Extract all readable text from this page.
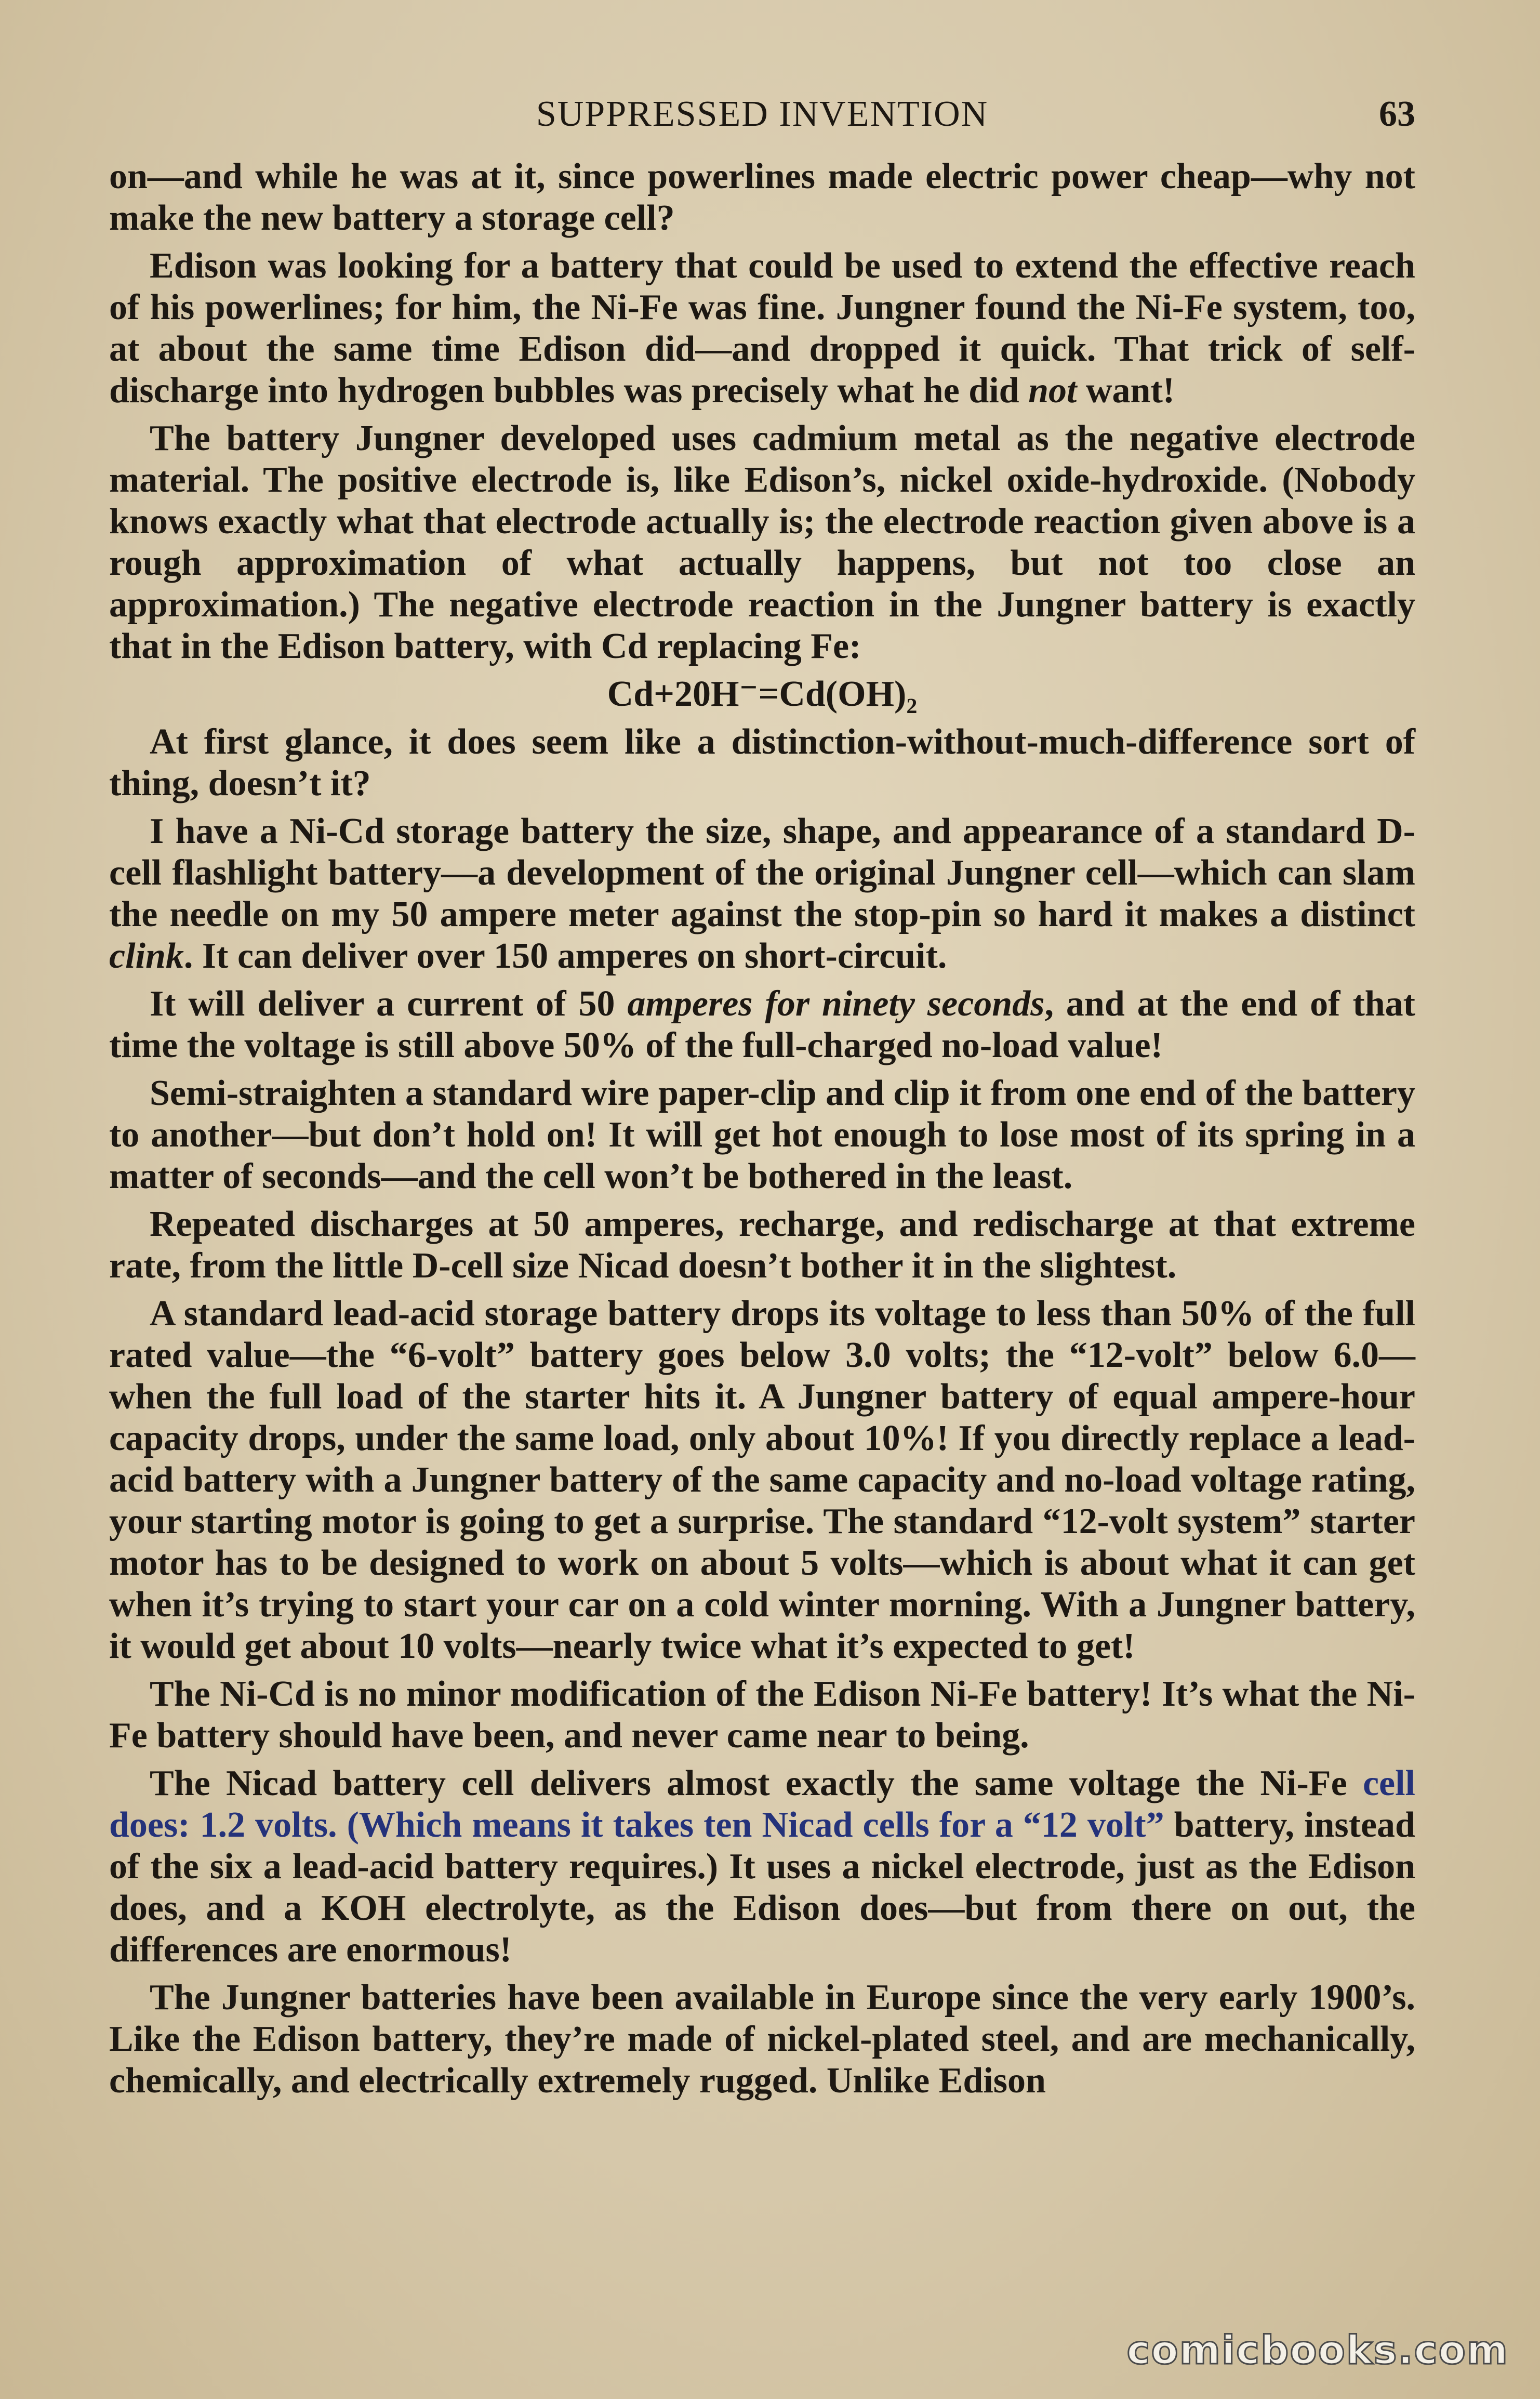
SUPPRESSED INVENTION	63

on—and while he was at it, since powerlines made electric power cheap—why not make the new battery a storage cell?

Edison was looking for a battery that could be used to extend the effective reach of his powerlines; for him, the Ni-Fe was fine. Jungner found the Ni-Fe system, too, at about the same time Edison did—and dropped it quick. That trick of self-discharge into hydrogen bubbles was precisely what he did not want!

The battery Jungner developed uses cadmium metal as the negative electrode material. The positive electrode is, like Edison’s, nickel oxide-hydroxide. (Nobody knows exactly what that electrode actually is; the electrode reaction given above is a rough approximation of what actually happens, but not too close an approximation.) The negative electrode reaction in the Jungner battery is exactly that in the Edison battery, with Cd replacing Fe:

Cd+20H⁻=Cd(OH)₂

At first glance, it does seem like a distinction-without-much-difference sort of thing, doesn’t it?

I have a Ni-Cd storage battery the size, shape, and appearance of a standard D-cell flashlight battery—a development of the original Jungner cell—which can slam the needle on my 50 ampere meter against the stop-pin so hard it makes a distinct clink. It can deliver over 150 amperes on short-circuit.

It will deliver a current of 50 amperes for ninety seconds, and at the end of that time the voltage is still above 50% of the full-charged no-load value!

Semi-straighten a standard wire paper-clip and clip it from one end of the battery to another—but don’t hold on! It will get hot enough to lose most of its spring in a matter of seconds—and the cell won’t be bothered in the least.

Repeated discharges at 50 amperes, recharge, and redischarge at that extreme rate, from the little D-cell size Nicad doesn’t bother it in the slightest.

A standard lead-acid storage battery drops its voltage to less than 50% of the full rated value—the “6-volt” battery goes below 3.0 volts; the “12-volt” below 6.0—when the full load of the starter hits it. A Jungner battery of equal ampere-hour capacity drops, under the same load, only about 10%! If you directly replace a lead-acid battery with a Jungner battery of the same capacity and no-load voltage rating, your starting motor is going to get a surprise. The standard “12-volt system” starter motor has to be designed to work on about 5 volts—which is about what it can get when it’s trying to start your car on a cold winter morning. With a Jungner battery, it would get about 10 volts—nearly twice what it’s expected to get!

The Ni-Cd is no minor modification of the Edison Ni-Fe battery! It’s what the Ni-Fe battery should have been, and never came near to being.

The Nicad battery cell delivers almost exactly the same voltage the Ni-Fe cell does: 1.2 volts. (Which means it takes ten Nicad cells for a “12 volt” battery, instead of the six a lead-acid battery requires.) It uses a nickel electrode, just as the Edison does, and a KOH electrolyte, as the Edison does—but from there on out, the differences are enormous!

The Jungner batteries have been available in Europe since the very early 1900’s. Like the Edison battery, they’re made of nickel-plated steel, and are mechanically, chemically, and electrically extremely rugged. Unlike Edison

comicbooks.com
